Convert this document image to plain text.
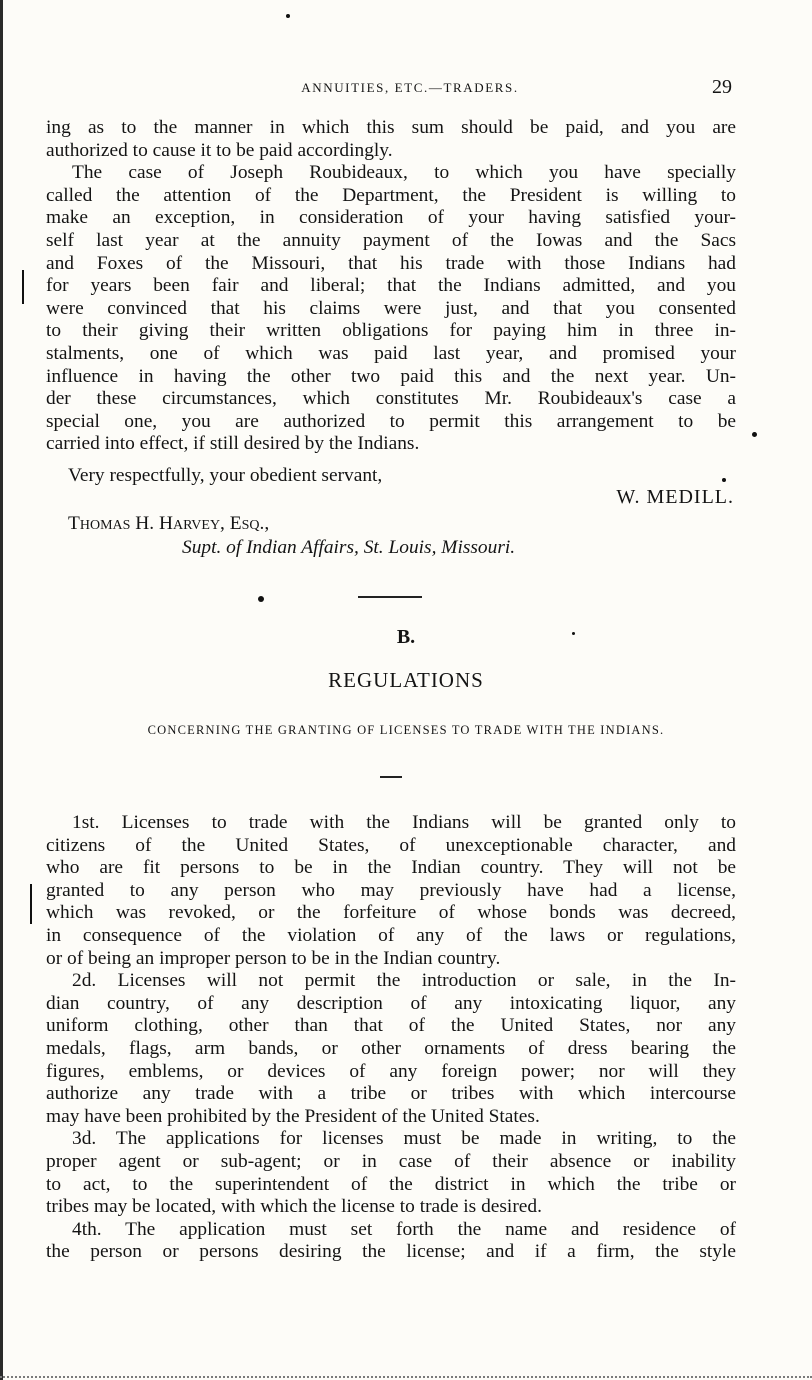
ANNUITIES, ETC.—TRADERS.	29
ing as to the manner in which this sum should be paid, and you are
authorized to cause it to be paid accordingly.
The case of Joseph Roubideaux, to which you have specially
called the attention of the Department, the President is willing to
make an exception, in consideration of your having satisfied your-
self last year at the annuity payment of the Iowas and the Sacs
and Foxes of the Missouri, that his trade with those Indians had
for years been fair and liberal; that the Indians admitted, and you
were convinced that his claims were just, and that you consented
to their giving their written obligations for paying him in three in-
stalments, one of which was paid last year, and promised your
influence in having the other two paid this and the next year. Un-
der these circumstances, which constitutes Mr. Roubideaux's case a
special one, you are authorized to permit this arrangement to be
carried into effect, if still desired by the Indians.
Very respectfully, your obedient servant,
W. MEDILL.
Thomas H. Harvey, Esq.,
Supt. of Indian Affairs, St. Louis, Missouri.
B.
REGULATIONS
CONCERNING THE GRANTING OF LICENSES TO TRADE WITH THE INDIANS.
1st. Licenses to trade with the Indians will be granted only to
citizens of the United States, of unexceptionable character, and
who are fit persons to be in the Indian country. They will not be
granted to any person who may previously have had a license,
which was revoked, or the forfeiture of whose bonds was decreed,
in consequence of the violation of any of the laws or regulations,
or of being an improper person to be in the Indian country.
2d. Licenses will not permit the introduction or sale, in the In-
dian country, of any description of any intoxicating liquor, any
uniform clothing, other than that of the United States, nor any
medals, flags, arm bands, or other ornaments of dress bearing the
figures, emblems, or devices of any foreign power; nor will they
authorize any trade with a tribe or tribes with which intercourse
may have been prohibited by the President of the United States.
3d. The applications for licenses must be made in writing, to the
proper agent or sub-agent; or in case of their absence or inability
to act, to the superintendent of the district in which the tribe or
tribes may be located, with which the license to trade is desired.
4th. The application must set forth the name and residence of
the person or persons desiring the license; and if a firm, the style
